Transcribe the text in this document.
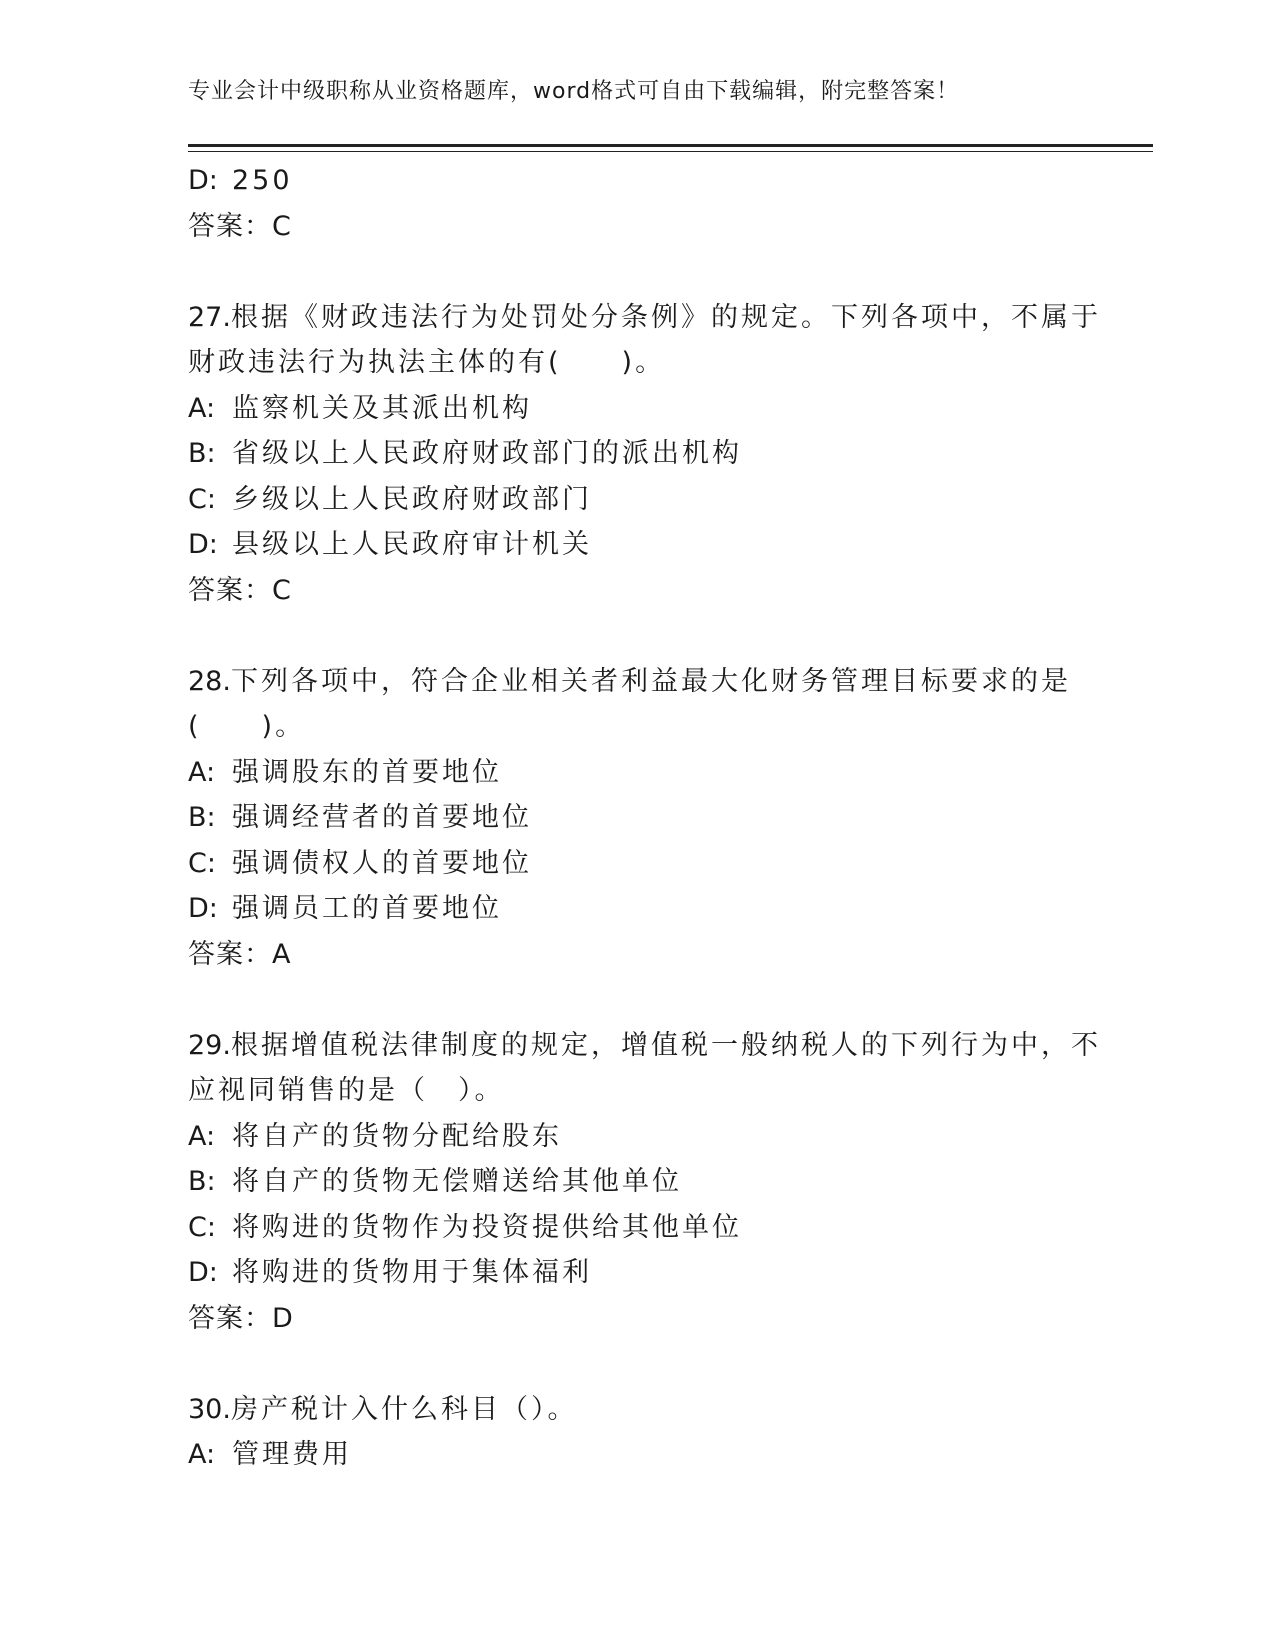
专业会计中级职称从业资格题库，word格式可自由下载编辑，附完整答案！
D: 250
答案：C
27.根据《财政违法行为处罚处分条例》的规定。下列各项中，不属于
财政违法行为执法主体的有(　　)。
A: 监察机关及其派出机构
B: 省级以上人民政府财政部门的派出机构
C: 乡级以上人民政府财政部门
D: 县级以上人民政府审计机关
答案：C
28.下列各项中，符合企业相关者利益最大化财务管理目标要求的是
(　　)。
A: 强调股东的首要地位
B: 强调经营者的首要地位
C: 强调债权人的首要地位
D: 强调员工的首要地位
答案：A
29.根据增值税法律制度的规定，增值税一般纳税人的下列行为中，不
应视同销售的是（　）。
A: 将自产的货物分配给股东
B: 将自产的货物无偿赠送给其他单位
C: 将购进的货物作为投资提供给其他单位
D: 将购进的货物用于集体福利
答案：D
30.房产税计入什么科目（）。
A: 管理费用
